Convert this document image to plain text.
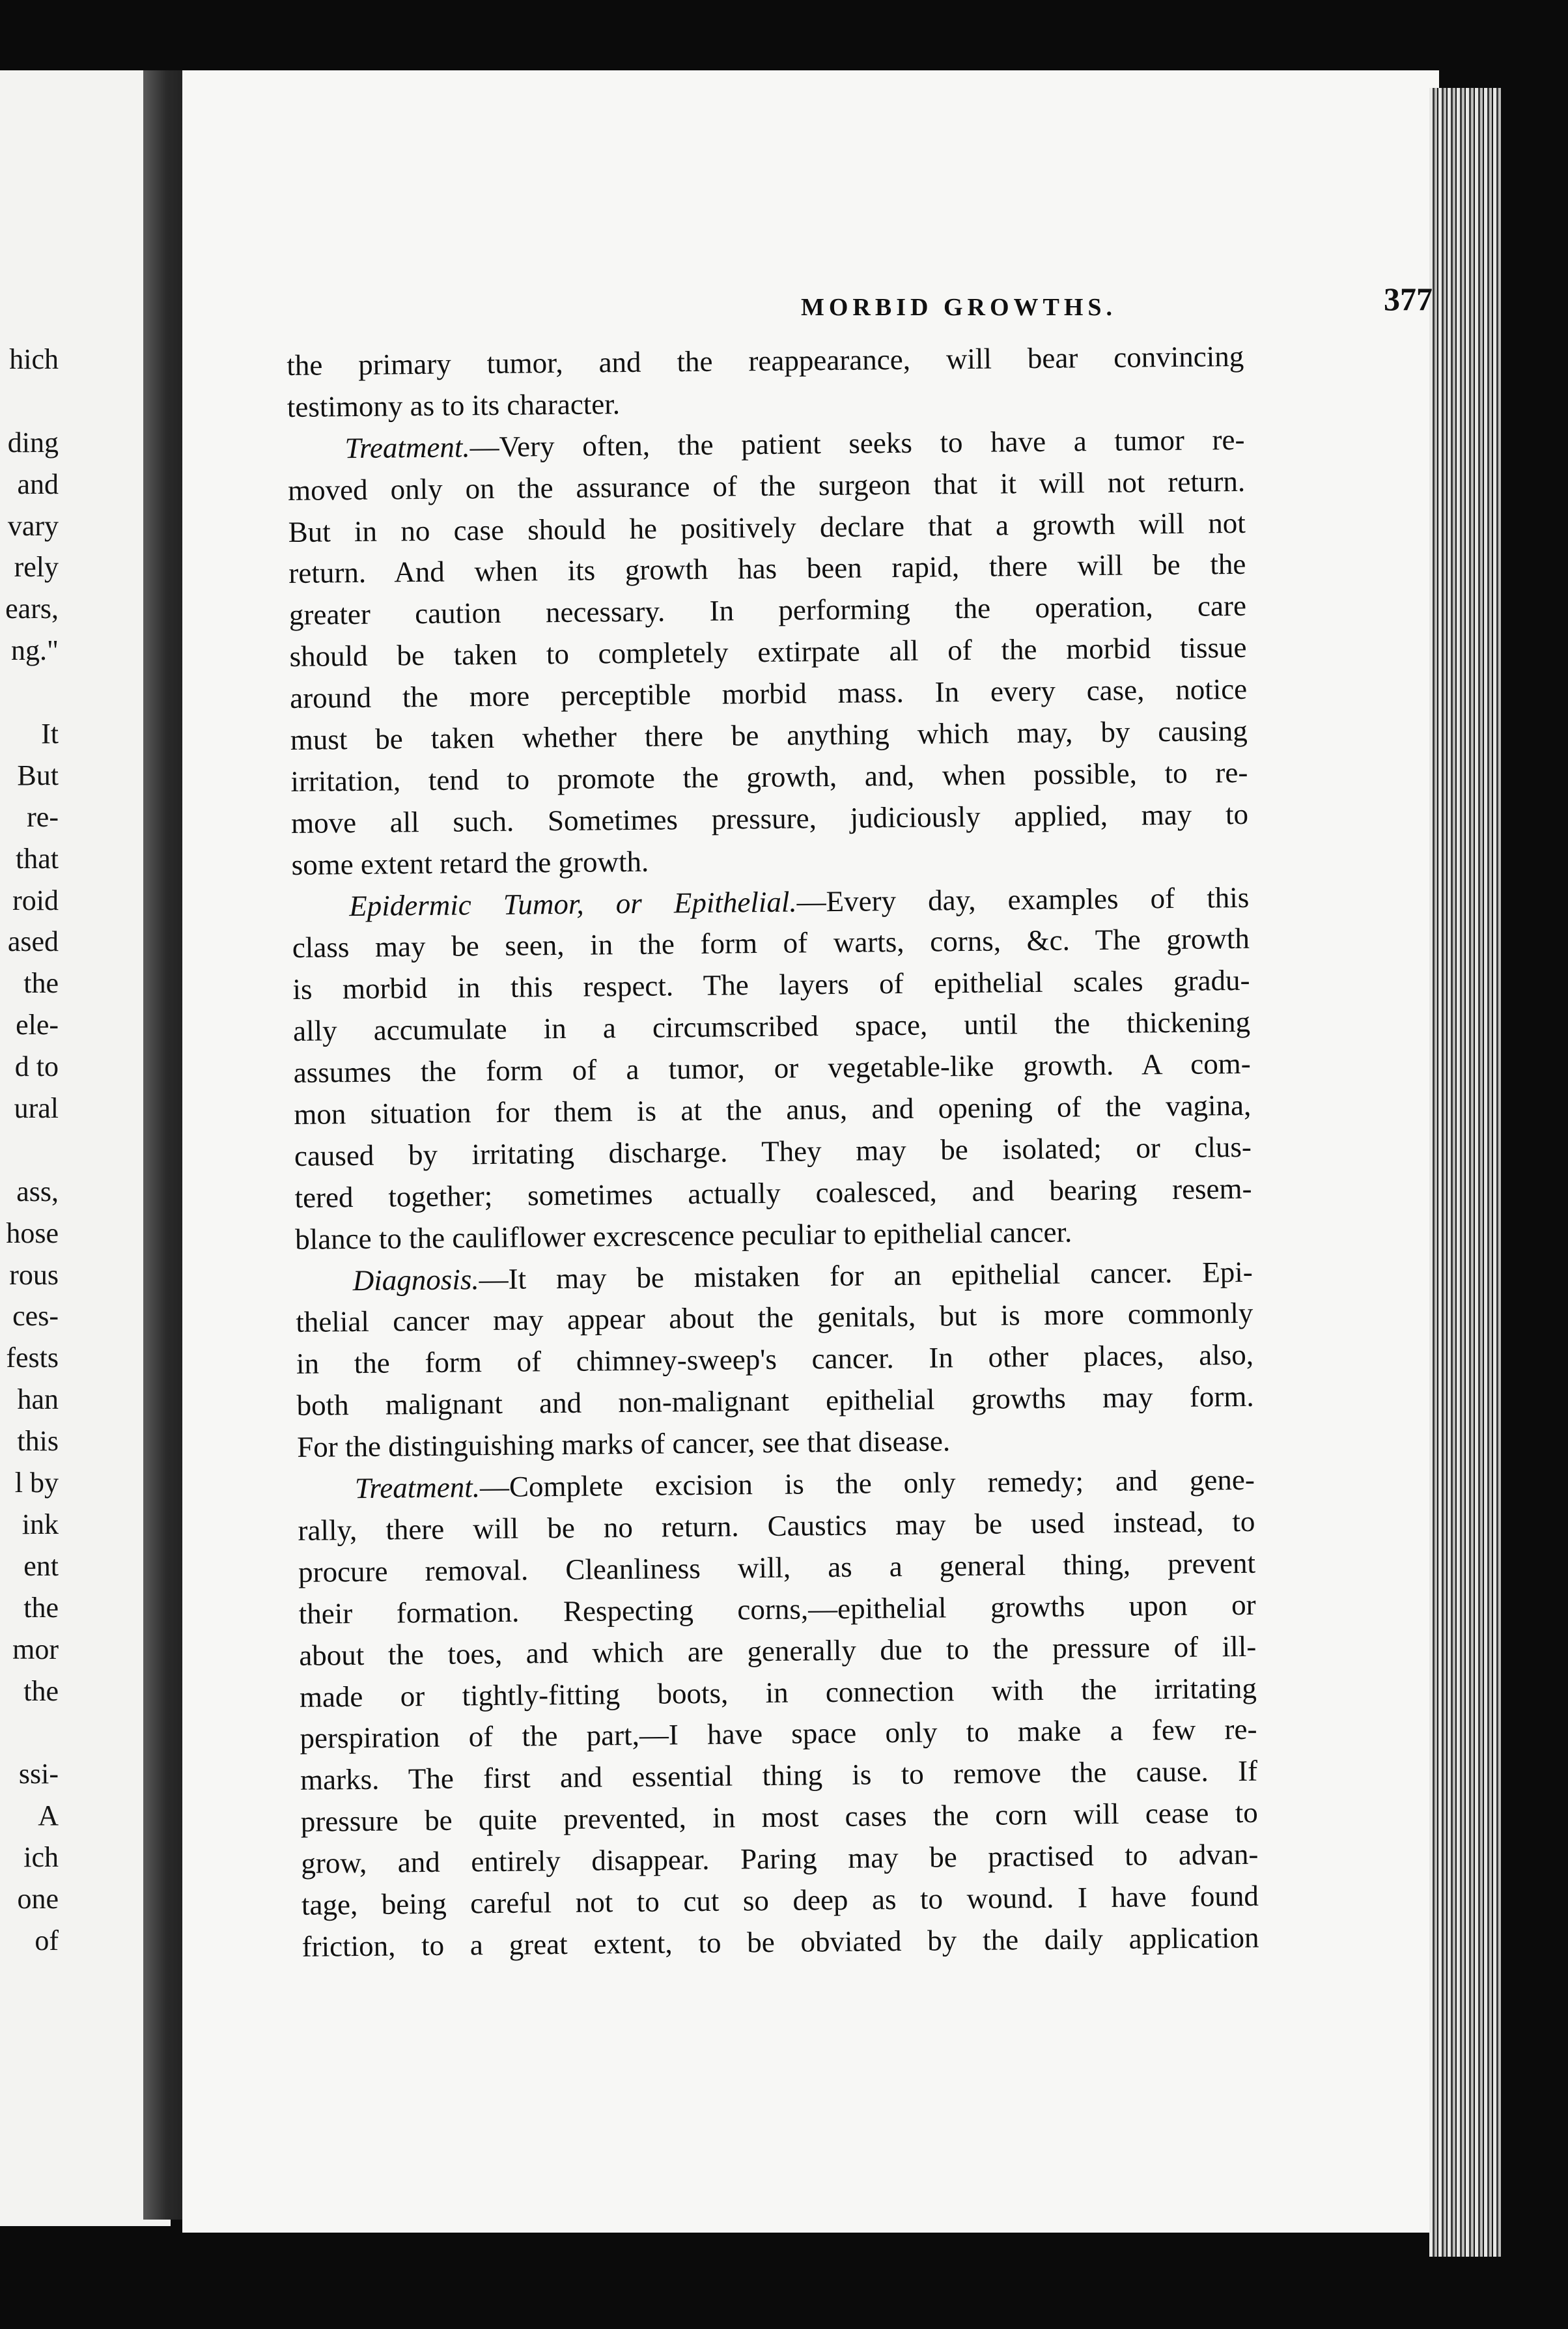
hich
ding
and
vary
rely
ears,
ng."
It
But
re-
that
roid
ased
the
ele-
d to
ural
ass,
hose
rous
ces-
fests
han
this
l by
ink
ent
the
mor
the
ssi-
A
ich
one
of
MORBID GROWTHS.	377
the primary tumor, and the reappearance, will bear convincing
testimony as to its character.
Treatment.—Very often, the patient seeks to have a tumor re-
moved only on the assurance of the surgeon that it will not return.
But in no case should he positively declare that a growth will not
return. And when its growth has been rapid, there will be the
greater caution necessary. In performing the operation, care
should be taken to completely extirpate all of the morbid tissue
around the more perceptible morbid mass. In every case, notice
must be taken whether there be anything which may, by causing
irritation, tend to promote the growth, and, when possible, to re-
move all such. Sometimes pressure, judiciously applied, may to
some extent retard the growth.
Epidermic Tumor, or Epithelial.—Every day, examples of this
class may be seen, in the form of warts, corns, &c. The growth
is morbid in this respect. The layers of epithelial scales gradu-
ally accumulate in a circumscribed space, until the thickening
assumes the form of a tumor, or vegetable-like growth. A com-
mon situation for them is at the anus, and opening of the vagina,
caused by irritating discharge. They may be isolated; or clus-
tered together; sometimes actually coalesced, and bearing resem-
blance to the cauliflower excrescence peculiar to epithelial cancer.
Diagnosis.—It may be mistaken for an epithelial cancer. Epi-
thelial cancer may appear about the genitals, but is more commonly
in the form of chimney-sweep's cancer. In other places, also,
both malignant and non-malignant epithelial growths may form.
For the distinguishing marks of cancer, see that disease.
Treatment.—Complete excision is the only remedy; and gene-
rally, there will be no return. Caustics may be used instead, to
procure removal. Cleanliness will, as a general thing, prevent
their formation. Respecting corns,—epithelial growths upon or
about the toes, and which are generally due to the pressure of ill-
made or tightly-fitting boots, in connection with the irritating
perspiration of the part,—I have space only to make a few re-
marks. The first and essential thing is to remove the cause. If
pressure be quite prevented, in most cases the corn will cease to
grow, and entirely disappear. Paring may be practised to advan-
tage, being careful not to cut so deep as to wound. I have found
friction, to a great extent, to be obviated by the daily application
